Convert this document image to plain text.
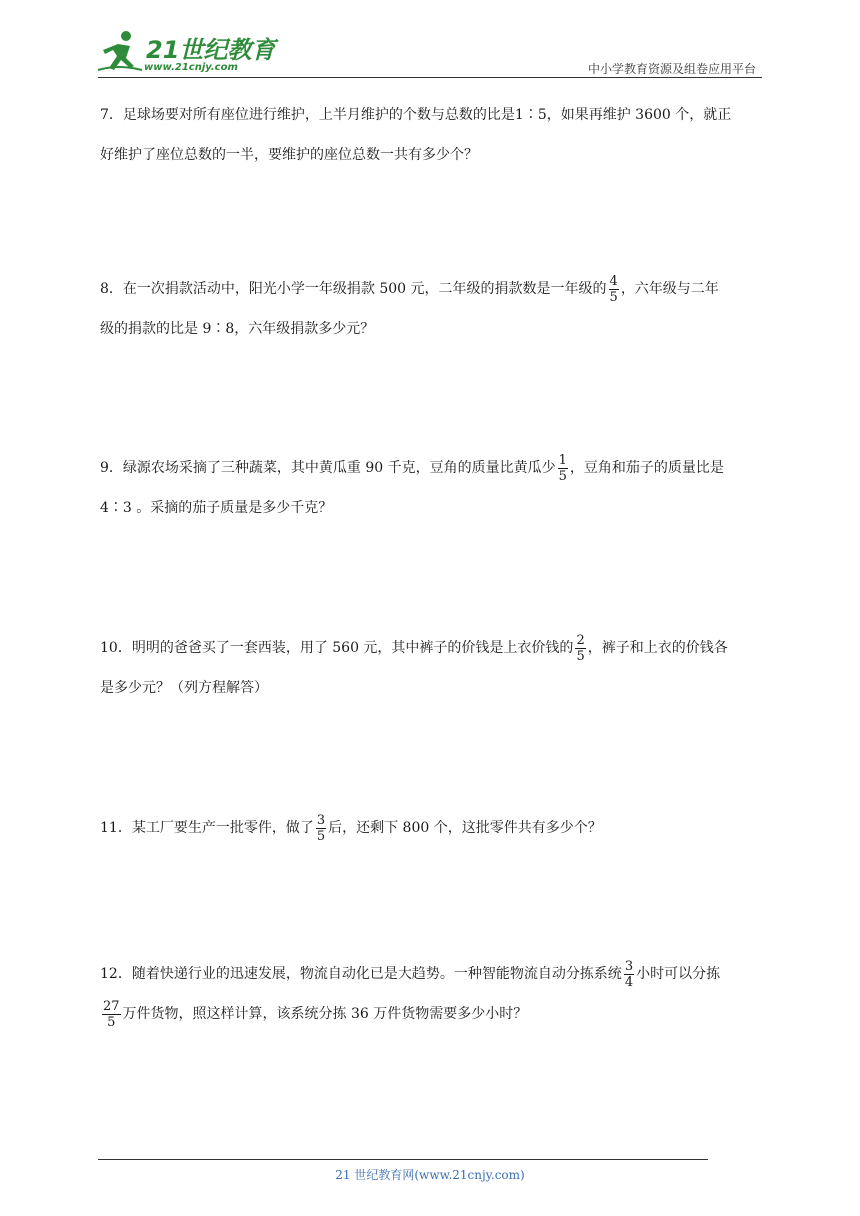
21世纪教育
www.21cnjy.com	中小学教育资源及组卷应用平台
7．足球场要对所有座位进行维护，上半月维护的个数与总数的比是1∶5，如果再维护 3600 个，就正
好维护了座位总数的一半，要维护的座位总数一共有多少个？
8．在一次捐款活动中，阳光小学一年级捐款 500 元，二年级的捐款数是一年级的 $\frac{4}{5}$ ，六年级与二年
级的捐款的比是 9∶8，六年级捐款多少元？
9．绿源农场采摘了三种蔬菜，其中黄瓜重 90 千克，豆角的质量比黄瓜少 $\frac{1}{5}$ ，豆角和茄子的质量比是
4∶3 。采摘的茄子质量是多少千克？
10．明明的爸爸买了一套西装，用了 560 元，其中裤子的价钱是上衣价钱的 $\frac{2}{5}$ ，裤子和上衣的价钱各
是多少元？（列方程解答）
11．某工厂要生产一批零件，做了 $\frac{3}{5}$ 后，还剩下 800 个，这批零件共有多少个？
12．随着快递行业的迅速发展，物流自动化已是大趋势。一种智能物流自动分拣系统 $\frac{3}{4}$ 小时可以分拣
$\frac{27}{5}$ 万件货物，照这样计算，该系统分拣 36 万件货物需要多少小时？
21 世纪教育网(www.21cnjy.com)
